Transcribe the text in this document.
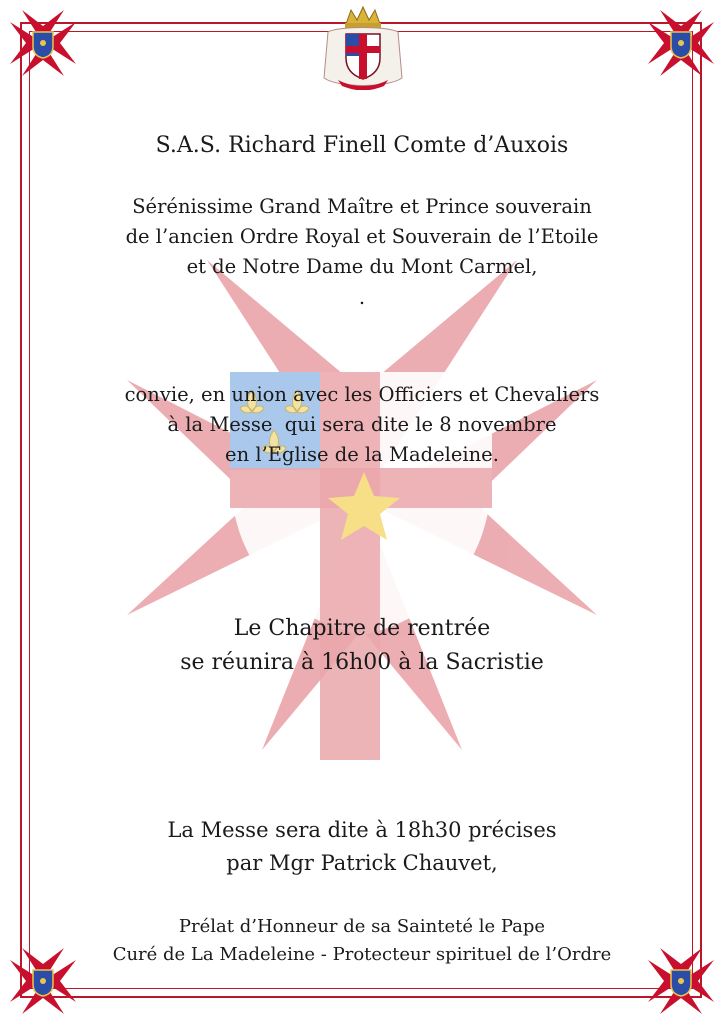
S.A.S. Richard Finell Comte d’Auxois
Sérénissime Grand Maître et Prince souverain
de l’ancien Ordre Royal et Souverain de l’Etoile
et de Notre Dame du Mont Carmel,
.
convie, en union avec les Officiers et Chevaliers
à la Messe  qui sera dite le 8 novembre
en l’Eglise de la Madeleine.
Le Chapitre de rentrée
se réunira à 16h00 à la Sacristie
La Messe sera dite à 18h30 précises
par Mgr Patrick Chauvet,
Prélat d’Honneur de sa Sainteté le Pape
Curé de La Madeleine - Protecteur spirituel de l’Ordre
